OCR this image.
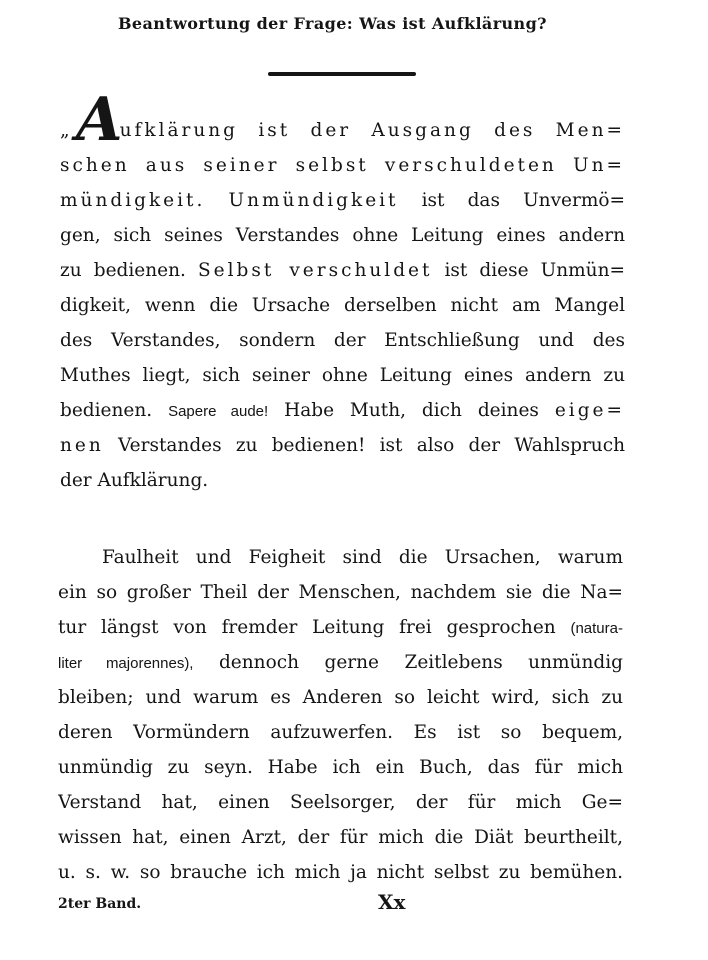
Beantwortung der Frage: Was ist Aufklärung?
A
„	ufklärung ist der Ausgang des Men=
schen aus seiner selbst verschuldeten Un=
mündigkeit. Unmündigkeit ist das Unvermö=
gen, sich seines Verstandes ohne Leitung eines andern
zu bedienen. Selbst verschuldet ist diese Unmün=
digkeit, wenn die Ursache derselben nicht am Mangel
des Verstandes, sondern der Entschließung und des
Muthes liegt, sich seiner ohne Leitung eines andern zu
bedienen. Sapere aude! Habe Muth, dich deines eige=
nen Verstandes zu bedienen! ist also der Wahlspruch
der Aufklärung.
Faulheit und Feigheit sind die Ursachen, warum
ein so großer Theil der Menschen, nachdem sie die Na=
tur längst von fremder Leitung frei gesprochen (natura-
liter majorennes), dennoch gerne Zeitlebens unmündig
bleiben; und warum es Anderen so leicht wird, sich zu
deren Vormündern aufzuwerfen. Es ist so bequem,
unmündig zu seyn. Habe ich ein Buch, das für mich
Verstand hat, einen Seelsorger, der für mich Ge=
wissen hat, einen Arzt, der für mich die Diät beurtheilt,
u. s. w. so brauche ich mich ja nicht selbst zu bemühen.
2ter Band.	Xx
